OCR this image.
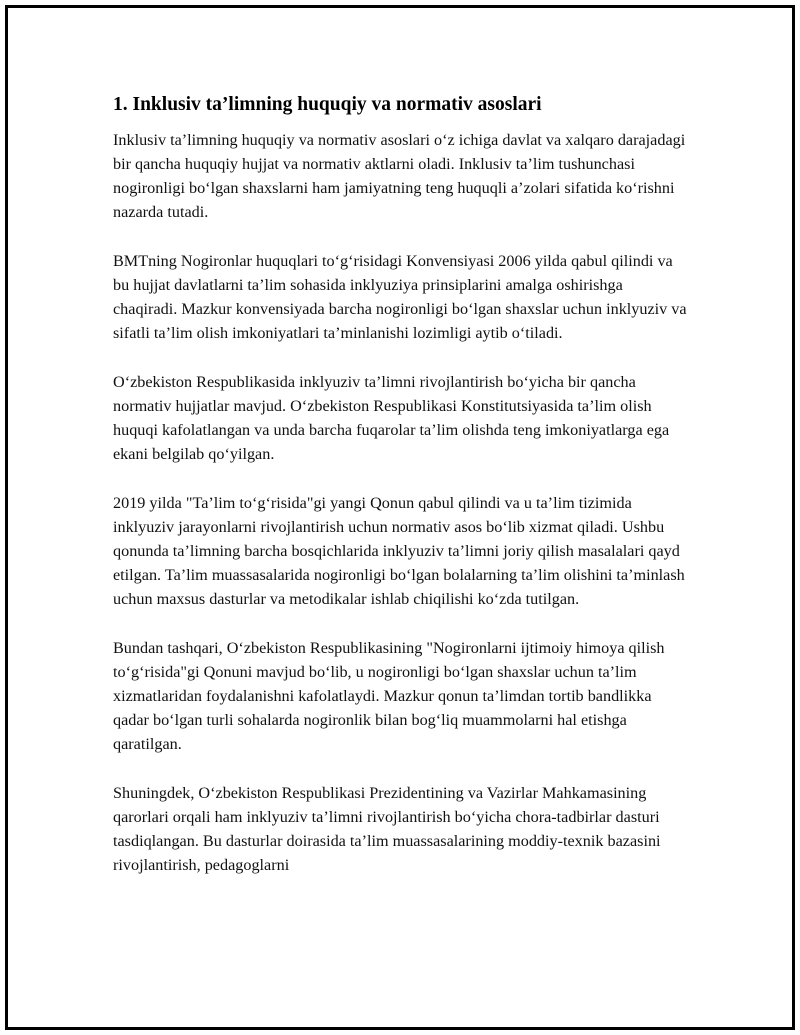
1. Inklusiv ta’limning huquqiy va normativ asoslari

Inklusiv ta’limning huquqiy va normativ asoslari o‘z ichiga davlat va xalqaro darajadagi bir qancha huquqiy hujjat va normativ aktlarni oladi. Inklusiv ta’lim tushunchasi nogironligi bo‘lgan shaxslarni ham jamiyatning teng huquqli a’zolari sifatida ko‘rishni nazarda tutadi.

BMTning Nogironlar huquqlari to‘g‘risidagi Konvensiyasi 2006 yilda qabul qilindi va bu hujjat davlatlarni ta’lim sohasida inklyuziya prinsiplarini amalga oshirishga chaqiradi. Mazkur konvensiyada barcha nogironligi bo‘lgan shaxslar uchun inklyuziv va sifatli ta’lim olish imkoniyatlari ta’minlanishi lozimligi aytib o‘tiladi.

O‘zbekiston Respublikasida inklyuziv ta’limni rivojlantirish bo‘yicha bir qancha normativ hujjatlar mavjud. O‘zbekiston Respublikasi Konstitutsiyasida ta’lim olish huquqi kafolatlangan va unda barcha fuqarolar ta’lim olishda teng imkoniyatlarga ega ekani belgilab qo‘yilgan.

2019 yilda "Ta’lim to‘g‘risida"gi yangi Qonun qabul qilindi va u ta’lim tizimida inklyuziv jarayonlarni rivojlantirish uchun normativ asos bo‘lib xizmat qiladi. Ushbu qonunda ta’limning barcha bosqichlarida inklyuziv ta’limni joriy qilish masalalari qayd etilgan. Ta’lim muassasalarida nogironligi bo‘lgan bolalarning ta’lim olishini ta’minlash uchun maxsus dasturlar va metodikalar ishlab chiqilishi ko‘zda tutilgan.

Bundan tashqari, O‘zbekiston Respublikasining "Nogironlarni ijtimoiy himoya qilish to‘g‘risida"gi Qonuni mavjud bo‘lib, u nogironligi bo‘lgan shaxslar uchun ta’lim xizmatlaridan foydalanishni kafolatlaydi. Mazkur qonun ta’limdan tortib bandlikka qadar bo‘lgan turli sohalarda nogironlik bilan bog‘liq muammolarni hal etishga qaratilgan.

Shuningdek, O‘zbekiston Respublikasi Prezidentining va Vazirlar Mahkamasining qarorlari orqali ham inklyuziv ta’limni rivojlantirish bo‘yicha chora-tadbirlar dasturi tasdiqlangan. Bu dasturlar doirasida ta’lim muassasalarining moddiy-texnik bazasini rivojlantirish, pedagoglarni
